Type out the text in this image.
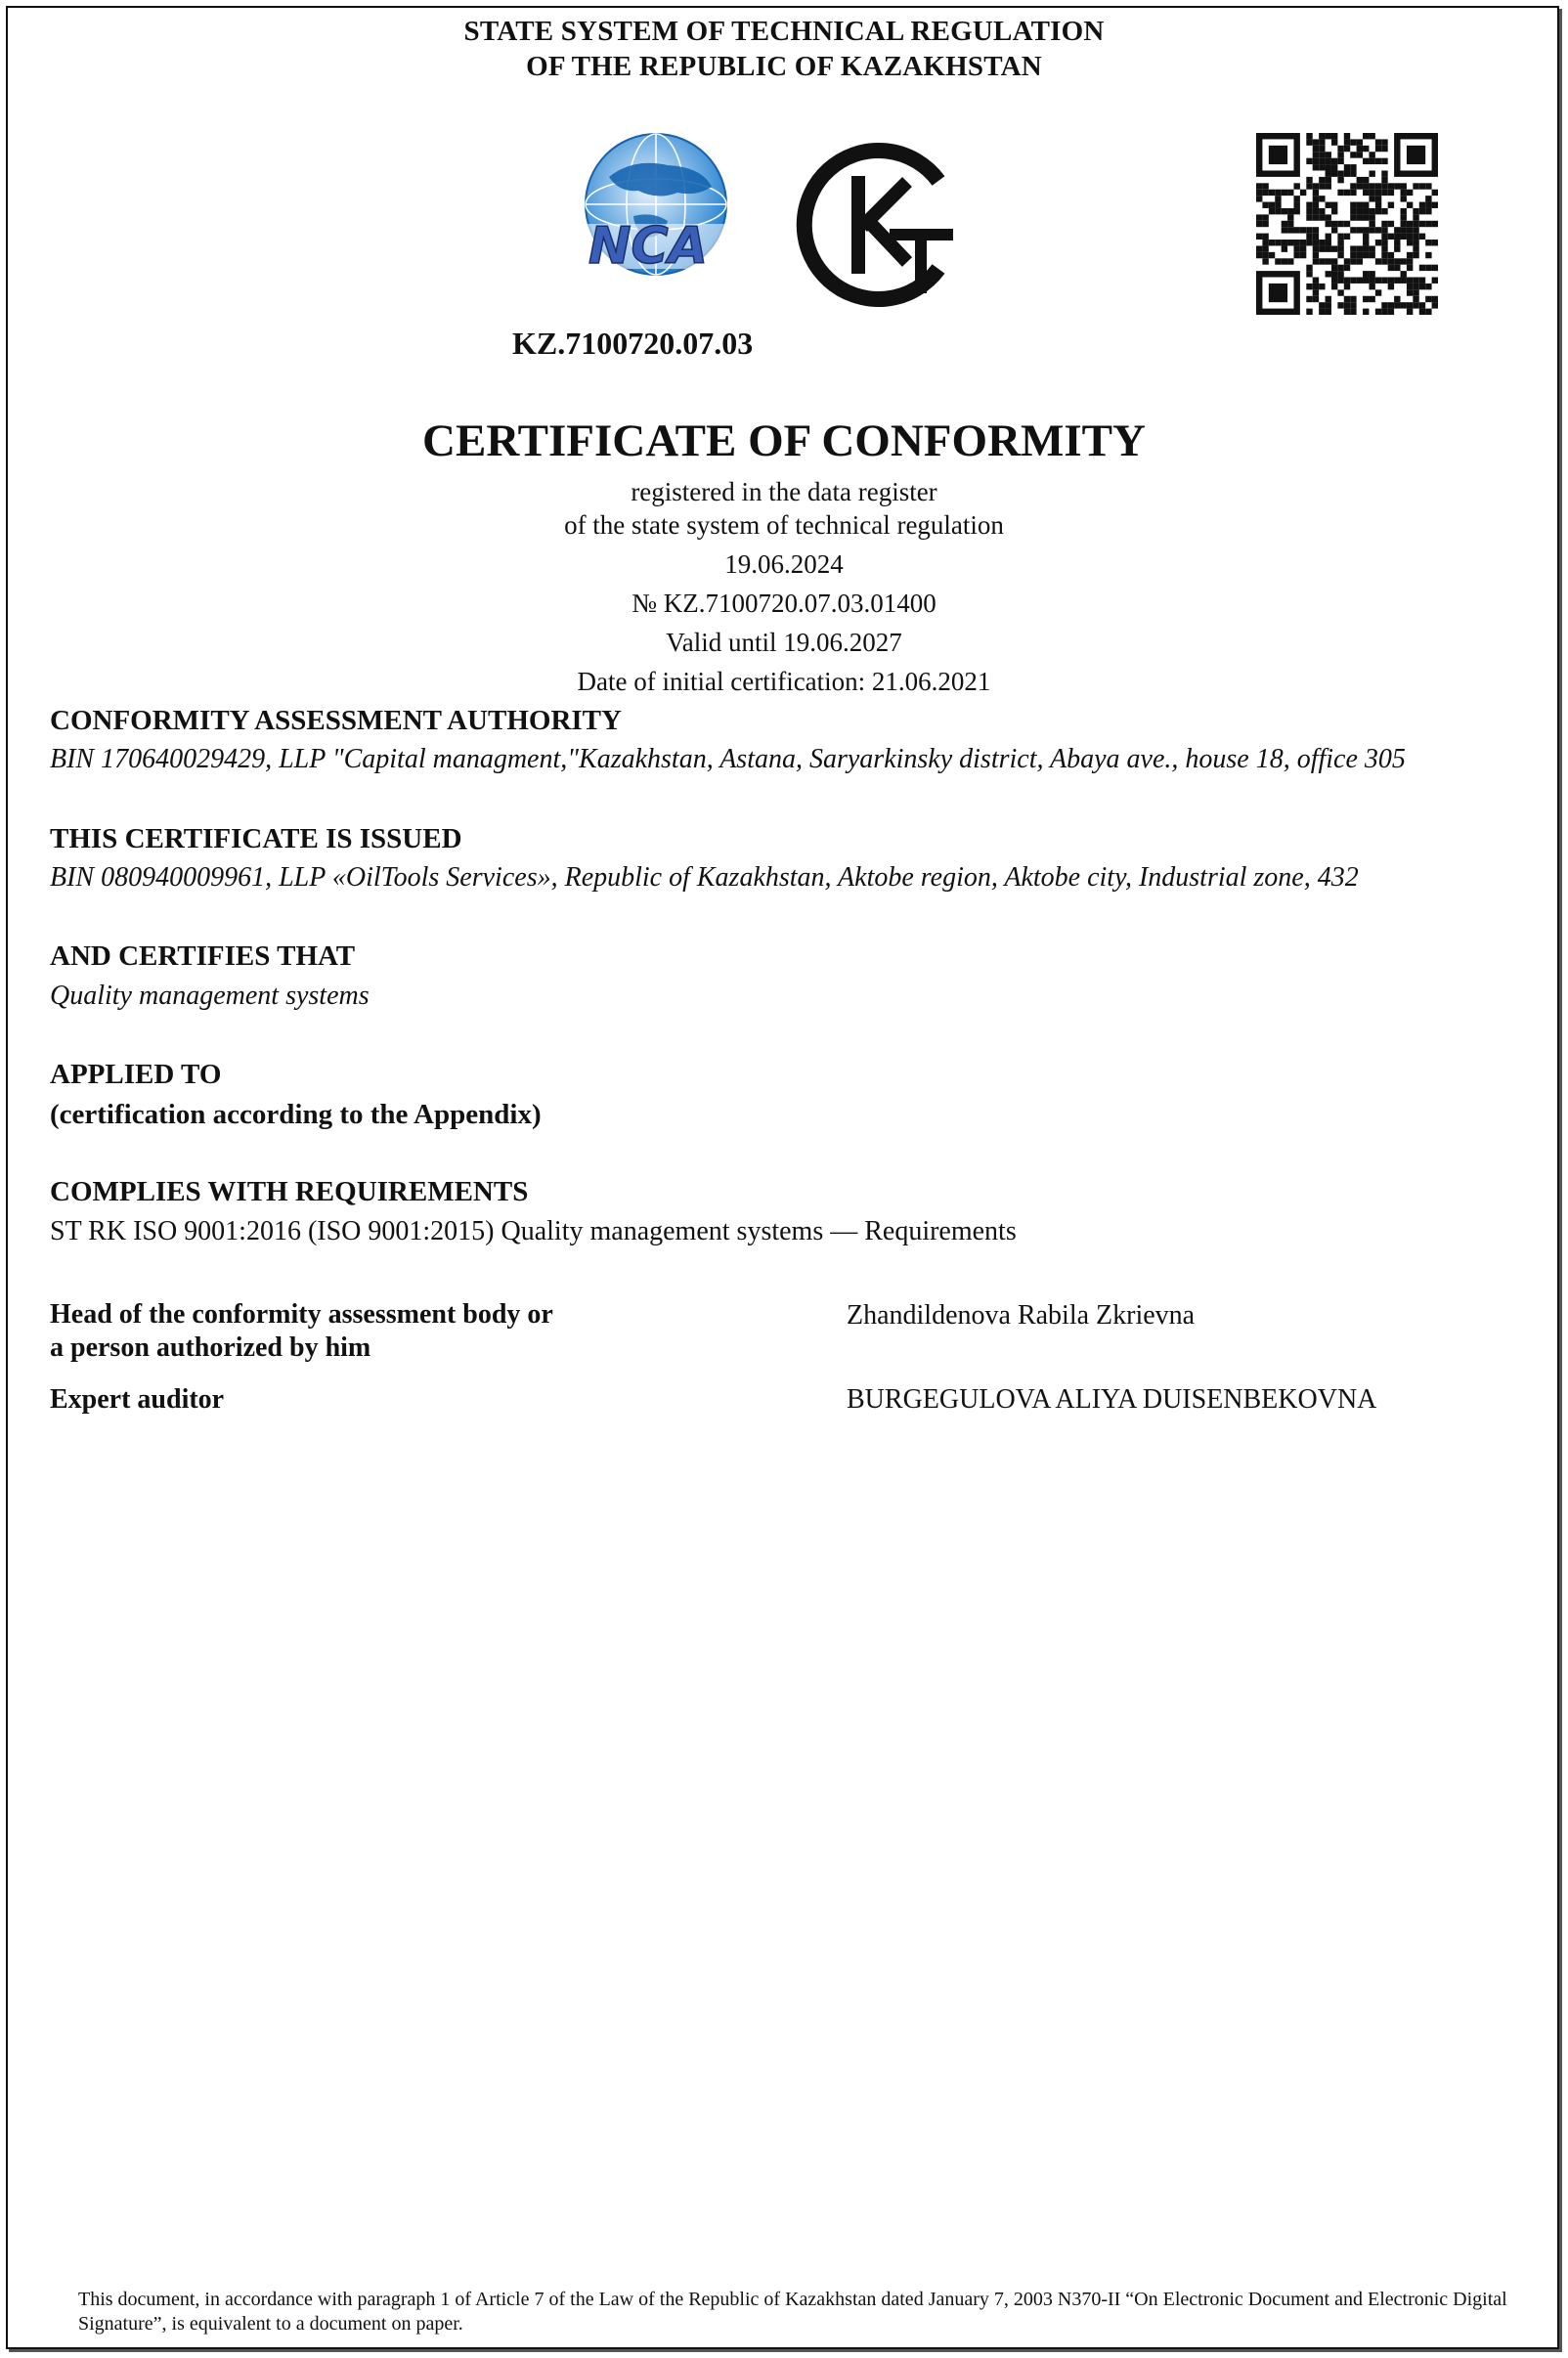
STATE SYSTEM OF TECHNICAL REGULATION
OF THE REPUBLIC OF KAZAKHSTAN
NCA
KZ.7100720.07.03
CERTIFICATE OF CONFORMITY
registered in the data register
of the state system of technical regulation
19.06.2024
№ KZ.7100720.07.03.01400
Valid until 19.06.2027
Date of initial certification: 21.06.2021
CONFORMITY ASSESSMENT AUTHORITY
BIN 170640029429, LLP "Capital managment,"Kazakhstan, Astana, Saryarkinsky district, Abaya ave., house 18, office 305
THIS CERTIFICATE IS ISSUED
BIN 080940009961, LLP «OilTools Services», Republic of Kazakhstan, Aktobe region, Aktobe city, Industrial zone, 432
AND CERTIFIES THAT
Quality management systems
APPLIED TO
(certification according to the Appendix)
COMPLIES WITH REQUIREMENTS
ST RK ISO 9001:2016 (ISO 9001:2015) Quality management systems — Requirements
Head of the conformity assessment body or
a person authorized by him
Zhandildenova Rabila Zkrievna
Expert auditor	BURGEGULOVA ALIYA DUISENBEKOVNA
This document, in accordance with paragraph 1 of Article 7 of the Law of the Republic of Kazakhstan dated January 7, 2003 N370-II “On Electronic Document and Electronic Digital Signature”, is equivalent to a document on paper.
